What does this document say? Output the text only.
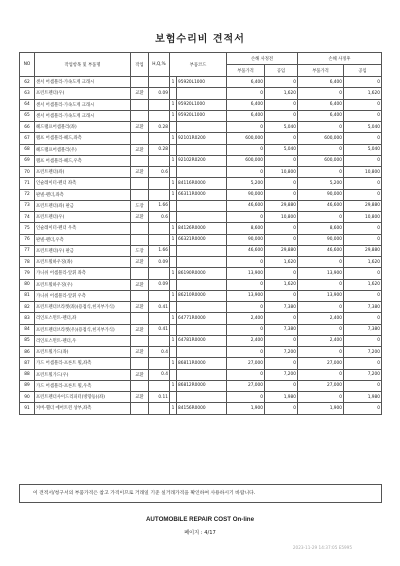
보험수리비 견적서
NO	작업항목 및 부품명	작업	H,Q,%	부품코드		손해 사정전		손해 사정후	
						부품가격	공임	부품가격	공임
62	센서 어셈블리-가속도계 크래시			1	95920L1000	6,400	0	6,400	0
63	프런트펜더(우)	교환	0.09			0	1,620	0	1,620
64	센서 어셈블리-가속도계 크래시			1	95920L1000	6,400	0	6,400	0
65	센서 어셈블리-가속도계 크래시			1	95920L1000	6,400	0	6,400	0
66	헤드램프어셈블리(좌)	교환	0.28			0	5,040	0	5,040
67	램프 어셈블리-헤드,좌측			1	92101R0200	600,000	0	600,000	0
68	헤드램프어셈블리(우)	교환	0.28			0	5,040	0	5,040
69	램프 어셈블리-헤드,우측			1	92102R0200	600,000	0	600,000	0
70	프런트펜더(좌)	교환	0.6			0	10,800	0	10,800
71	인슐레이터-펜더 좌측			1	84116R0000	5,200	0	5,200	0
72	판넬-펜더,좌측			1	66311R0000	90,000	0	90,000	0
73	프런트펜더(좌) 판금	도장	1.66			46,600	29,880	46,600	29,880
74	프런트펜더(우)	교환	0.6			0	10,800	0	10,800
75	인슐레이터-펜더 우측			1	84126R0000	8,600	0	8,600	0
76	판넬-펜더,우측			1	66321R0000	90,000	0	90,000	0
77	프런트펜더(우) 판금	도장	1.66			46,600	29,880	46,600	29,880
78	프런트휠하우징(좌)	교환	0.09			0	1,620	0	1,620
79	가니쉬 어셈블리-앞휘 좌측			1	86190R0000	13,900	0	13,900	0
80	프런트휠하우징(우)	교환	0.09			0	1,620	0	1,620
81	가니쉬 어셈블리-앞휘 우측			1	86210R0000	13,900	0	13,900	0
82	프런트펜더브라켓(좌)(용접식,힌지부가식)	교환	0.41			0	7,380	0	7,380
83	리인포스먼트-펜더,좌			1	64771R0000	2,400	0	2,400	0
84	프런트펜더브라켓(우)(용접식,힌지부가식)	교환	0.41			0	7,380	0	7,380
85	리인포스먼트-펜더,우			1	64781R0000	2,400	0	2,400	0
86	프런트휠가드(좌)	교환	0.4			0	7,200	0	7,200
87	가드 어셈블리-프론트 휠,좌측			1	86811R0000	27,000	0	27,000	0
88	프런트휠가드(우)	교환	0.4			0	7,200	0	7,200
89	가드 어셈블리-프론트 휠,우측			1	86812R0000	27,000	0	27,000	0
90	프런트펜더사이드리피터(방향등)(좌)	교환	0.11			0	1,980	0	1,980
91	커버-휀더 에어트윈 상부,좌측			1	84156R0000	1,900	0	1,900	0
이 견적서/청구서의 부품가격은 참고 가격이므로 거래일 기준 실거래가격을 확인하여 사용하시기 바랍니다.
AUTOMOBILE REPAIR COST On-line
페이지 : 4/17
2023-11-29 14:37:05 E5995
